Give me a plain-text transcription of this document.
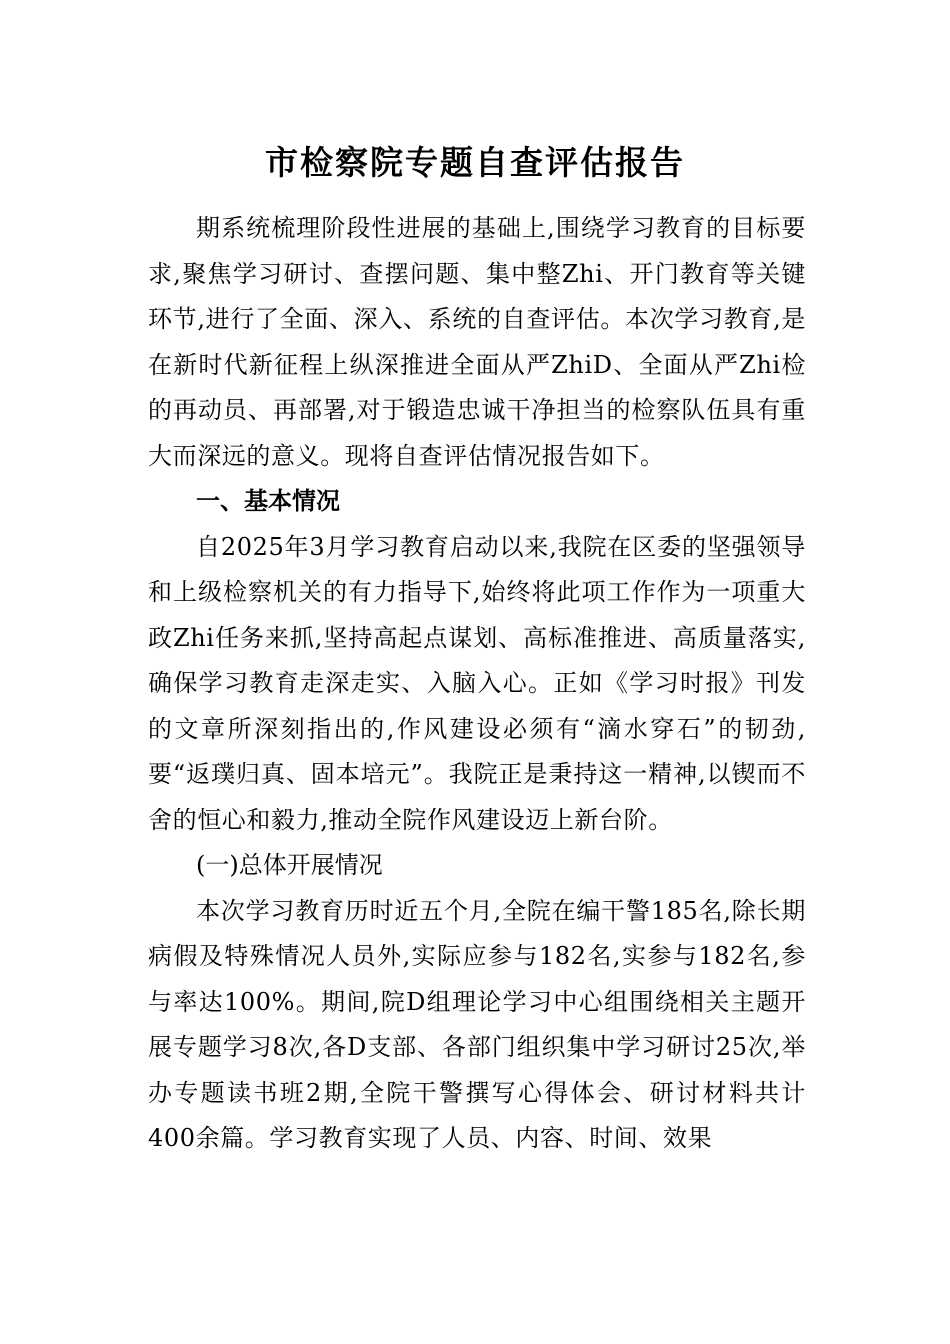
市检察院专题自查评估报告

期系统梳理阶段性进展的基础上,围绕学习教育的目标要求,聚焦学习研讨、查摆问题、集中整Zhi、开门教育等关键环节,进行了全面、深入、系统的自查评估。本次学习教育,是在新时代新征程上纵深推进全面从严ZhiD、全面从严Zhi检的再动员、再部署,对于锻造忠诚干净担当的检察队伍具有重大而深远的意义。现将自查评估情况报告如下。

一、基本情况

自2025年3月学习教育启动以来,我院在区委的坚强领导和上级检察机关的有力指导下,始终将此项工作作为一项重大政Zhi任务来抓,坚持高起点谋划、高标准推进、高质量落实,确保学习教育走深走实、入脑入心。正如《学习时报》刊发的文章所深刻指出的,作风建设必须有“滴水穿石”的韧劲,要“返璞归真、固本培元”。我院正是秉持这一精神,以锲而不舍的恒心和毅力,推动全院作风建设迈上新台阶。

(一)总体开展情况

本次学习教育历时近五个月,全院在编干警185名,除长期病假及特殊情况人员外,实际应参与182名,实参与182名,参与率达100%。期间,院D组理论学习中心组围绕相关主题开展专题学习8次,各D支部、各部门组织集中学习研讨25次,举办专题读书班2期,全院干警撰写心得体会、研讨材料共计400余篇。学习教育实现了人员、内容、时间、效果
